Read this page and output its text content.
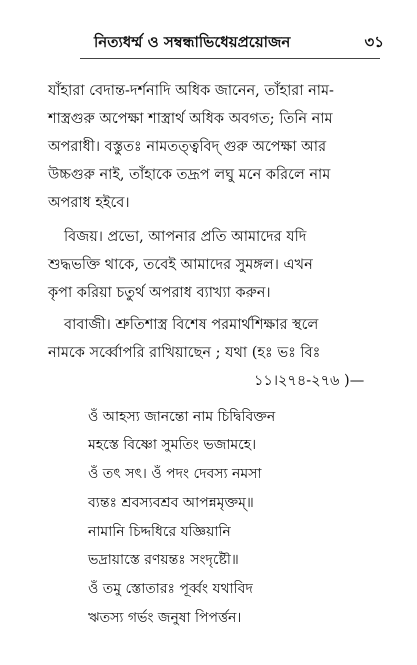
নিত্যধর্ম্ম ও সম্বন্ধাভিধেয়প্রয়োজন	৩১
যাঁহারা বেদান্ত-দর্শনাদি অধিক জানেন, তাঁহারা নাম-
শাস্ত্রগুরু অপেক্ষা শাস্ত্রার্থ অধিক অবগত; তিনি নাম
অপরাধী। বস্তুতঃ নামতত্ত্ববিদ্ গুরু অপেক্ষা আর
উচ্চগুরু নাই, তাঁহাকে তদ্রূপ লঘু মনে করিলে নাম
অপরাধ হইবে।
বিজয়। প্রভো, আপনার প্রতি আমাদের যদি
শুদ্ধভক্তি থাকে, তবেই আমাদের সুমঙ্গল। এখন
কৃপা করিয়া চতুর্থ অপরাধ ব্যাখ্যা করুন।
বাবাজী। শ্রুতিশাস্ত্র বিশেষ পরমার্থশিক্ষার স্থলে
নামকে সর্ব্বোপরি রাখিয়াছেন ; যথা (হঃ ভঃ বিঃ
১১।২৭৪-২৭৬ )—
ওঁ আহস্য জানন্তো নাম চিদ্বিবিক্তন
মহস্তে বিষ্ণো সুমতিং ভজামহে।
ওঁ তৎ সৎ। ওঁ পদং দেবস্য নমসা
ব্যন্তঃ শ্রবস্যবশ্রব আপন্নমৃক্তম্॥
নামানি চিদ্দধিরে যজ্ঞিয়ানি
ভদ্রায়াস্তে রণয়ন্তঃ সংদৃষ্টৌ॥
ওঁ তমু স্তোতারঃ পূর্ব্বং যথাবিদ
ঋতস্য গর্ভং জনুষা পিপর্ত্তন।
